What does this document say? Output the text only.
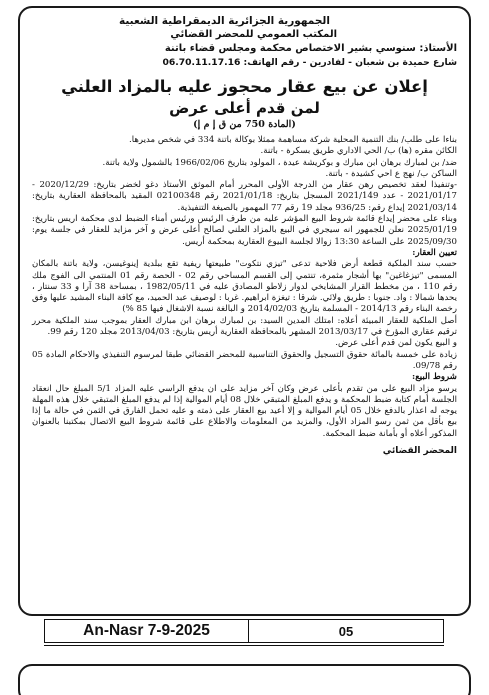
الجمهورية الجزائرية الديمقراطية الشعبية
المكتب العمومي للمحضر القضائي
الأستاذ: سنوسي بشير الاختصاص محكمة ومجلس قضاء باتنة
شارع حميدة بن شعبان - لفادرين - رقم الهاتف: 06.70.11.17.16
إعلان عن بيع عقار محجوز عليه بالمزاد العلني
لمن قدم أعلى عرض
(المادة 750 من ق إ م إ)

بناءا على طلب/ بنك التنمية المحلية شركة مساهمة ممثلا بوكالة باتنة 334 في شخص مديرها.

الكائن مقره (ها) ب/ الحي الاداري طريق بسكرة - باتنة.

ضد/ بن لمبارك برهان ابن مبارك و بوكريشة عيدة ، المولود بتاريخ 1966/02/06 بالشمول ولاية باتنة.

الساكن ب/ نهج ع احي كشيدة - باتنة.

-وتنفيذا لعقد تخصيص رهن عقار من الدرجة الأولى المحرر أمام الموثق الأستاذ دغو لخضر بتاريخ: 2020/12/29 - 2021/01/17 - عدد 2021/149 المسجل بتاريخ: 2021/01/18 رقم 02100348 المقيد بالمحافظة العقارية بتاريخ: 2021/03/14 إيداع رقم: 936/25 مجلد 19 رقم 77 المهمور بالصيغة التنفيذية.

وبناء على محضر إيداع قائمة شروط البيع المؤشر عليه من طرف الرئيس ورئيس أمناء الضبط لدى محكمة اريس بتاريخ: 2025/01/19 نعلن للجمهور انه سيجري في البيع بالمزاد العلني لصالح أعلى عرض و آخر مزايد للعقار في جلسة يوم: 2025/09/30 على الساعة 13:30 زوالا لجلسة البيوع العقارية بمحكمة أريس.

تعيين العقار:

حسب سند الملكية قطعة أرض فلاحية تدعى "تيزي نتكوت" طبيعتها ريفية تقع ببلدية إينوغيسن، ولاية باتنة بالمكان المسمى "تيزغاغين" بها أشجار مثمرة، تنتمي إلى القسم المساحي رقم 02 - الحصة رقم 01 المنتمي الى الفوج ملك رقم 110 ، من مخطط القرار المشايخي لدوار زلاطو المصادق عليه في 1982/05/11 ، بمساحة 38 آرا و 33 سنتار ، يحدها شمالا : واد. جنوبا : طريق ولائي. شرقا : تيغزة ابراهيم. غربا : لوصيف عبد الحميد، مع كافة البناء المشيد عليها وفق رخصة البناء رقم 2014/13 - المسلمة بتاريخ 2014/02/03 و البالغة نسبة الاشغال فيها 85 %)

أصل الملكية للعقار المبيئة أعلاه: امتلك المدين السيد: بن لمبارك برهان ابن مبارك العقار بموجب سند الملكية محرر ترقيم عقاري المؤرخ في 2013/03/17 المشهر بالمحافظة العقارية أريس بتاريخ: 2013/04/03 مجلد 120 رقم 99.

و البيع يكون لمن قدم أعلى عرض.

زيادة على خمسة بالمائة حقوق التسجيل والحقوق التناسبية للمحضر القضائي طبقا لمرسوم التنفيذي والاحكام المادة 05 رقم 09/78.

شروط البيع:

يرسو مزاد البيع على من تقدم بأعلى عرض وكان آخر مزايد على ان يدفع الراسي عليه المزاد 5/1 المبلغ حال انعقاد الجلسة أمام كتابة ضبط المحكمة و يدفع المبلغ المتبقي خلال 08 أيام الموالية إذا لم يدفع المبلغ المتبقي خلال هذه المهلة يوجه له اعذار بالدفع خلال 05 أيام الموالية و إلا أعيد بيع العقار على ذمته و عليه تحمل الفارق في الثمن في حالة ما إذا بيع بأقل من ثمن رسو المزاد الأول، والمزيد من المعلومات والاطلاع على قائمة شروط البيع الاتصال بمكتبنا بالعنوان المذكور أعلاه أو بأمانة ضبط المحكمة.

المحضر القضائي
An-Nasr 7-9-2025	05
